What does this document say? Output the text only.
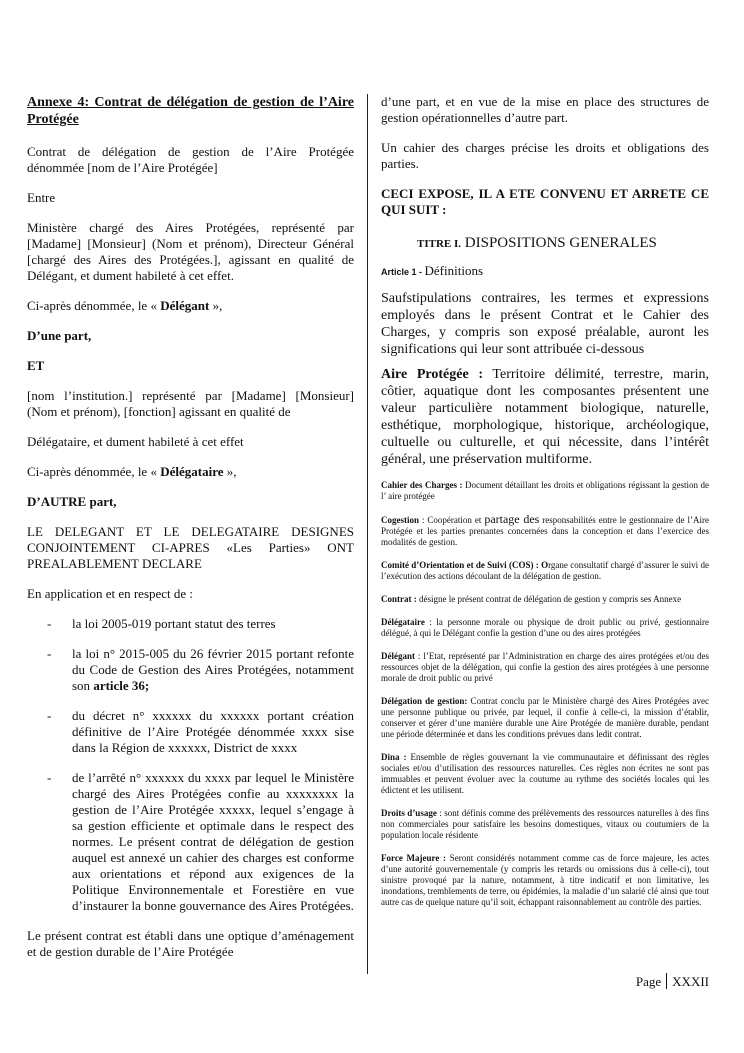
Annexe 4: Contrat de délégation de gestion de l’Aire Protégée

Contrat de délégation de gestion de l’Aire Protégée dénommée [nom de l’Aire Protégée]

Entre

Ministère chargé des Aires Protégées, représenté par [Madame] [Monsieur] (Nom et prénom), Directeur Général [chargé des Aires des Protégées.], agissant en qualité de Délégant, et dument habileté à cet effet.

Ci-après dénommée, le « Délégant »,

D’une part,

ET

[nom l’institution.] représenté par [Madame] [Monsieur] (Nom et prénom), [fonction] agissant en qualité de

Délégataire, et dument habileté à cet effet

Ci-après dénommée, le « Délégataire »,

D’AUTRE part,

LE DELEGANT ET LE DELEGATAIRE DESIGNES CONJOINTEMENT CI-APRES «Les Parties» ONT PREALABLEMENT DECLARE

En application et en respect de :

- la loi 2005-019 portant statut des terres

- la loi n° 2015-005 du 26 février 2015 portant refonte du Code de Gestion des Aires Protégées, notamment son article 36;

- du décret n° xxxxxx du xxxxxx portant création définitive de l’Aire Protégée dénommée xxxx sise dans la Région de xxxxxx, District de xxxx

- de l’arrêté n° xxxxxx du xxxx par lequel le Ministère chargé des Aires Protégées confie au xxxxxxxx la gestion de l’Aire Protégée xxxxx, lequel s’engage à sa gestion efficiente et optimale dans le respect des normes. Le présent contrat de délégation de gestion auquel est annexé un cahier des charges est conforme aux orientations et répond aux exigences de la Politique Environnementale et Forestière en vue d’instaurer la bonne gouvernance des Aires Protégées.

Le présent contrat est établi dans une optique d’aménagement et de gestion durable de l’Aire Protégée

d’une part, et en vue de la mise en place des structures de gestion opérationnelles d’autre part.

Un cahier des charges précise les droits et obligations des parties.

CECI EXPOSE, IL A ETE CONVENU ET ARRETE CE QUI SUIT :

TITRE I. DISPOSITIONS GENERALES

Article 1 - Définitions

Saufstipulations contraires, les termes et expressions employés dans le présent Contrat et le Cahier des Charges, y compris son exposé préalable, auront les significations qui leur sont attribuée ci-dessous

Aire Protégée : Territoire délimité, terrestre, marin, côtier, aquatique dont les composantes présentent une valeur particulière notamment biologique, naturelle, esthétique, morphologique, historique, archéologique, cultuelle ou culturelle, et qui nécessite, dans l’intérêt général, une préservation multiforme.

Cahier des Charges : Document détaillant les droits et obligations régissant la gestion de l’ aire protégée

Cogestion : Coopération et partage des responsabilités entre le gestionnaire de l’Aire Protégée et les parties prenantes concernées dans la conception et dans l’exercice des modalités de gestion.

Comité d’Orientation et de Suivi (COS) : Organe consultatif chargé d’assurer le suivi de l’exécution des actions découlant de la délégation de gestion.

Contrat : désigne le présent contrat de délégation de gestion y compris ses Annexe

Délégataire : la personne morale ou physique de droit public ou privé, gestionnaire délégué, à qui le Délégant confie la gestion d’une ou des aires protégées

Délégant : l’Etat, représenté par l’Administration en charge des aires protégées et/ou des ressources objet de la délégation, qui confie la gestion des aires protégées à une personne morale de droit public ou privé

Délégation de gestion: Contrat conclu par le Ministère chargé des Aires Protégées avec une personne publique ou privée, par lequel, il confie à celle-ci, la mission d’établir, conserver et gérer d’une manière durable une Aire Protégée de manière durable, pendant une période déterminée et dans les conditions prévues dans ledit contrat.

Dina : Ensemble de règles gouvernant la vie communautaire et définissant des règles sociales et/ou d’utilisation des ressources naturelles. Ces règles non écrites ne sont pas immuables et peuvent évoluer avec la coutume au rythme des sociétés locales qui les édictent et les utilisent.

Droits d’usage : sont définis comme des prélèvements des ressources naturelles à des fins non commerciales pour satisfaire les besoins domestiques, vitaux ou coutumiers de la population locale résidente

Force Majeure : Seront considérés notamment comme cas de force majeure, les actes d’une autorité gouvernementale (y compris les retards ou omissions dus à celle-ci), tout sinistre provoqué par la nature, notamment, à titre indicatif et non limitative, les inondations, tremblements de terre, ou épidémies, la maladie d’un salarié clé ainsi que tout autre cas de quelque nature qu’il soit, échappant raisonnablement au contrôle des parties.

Page XXXII
